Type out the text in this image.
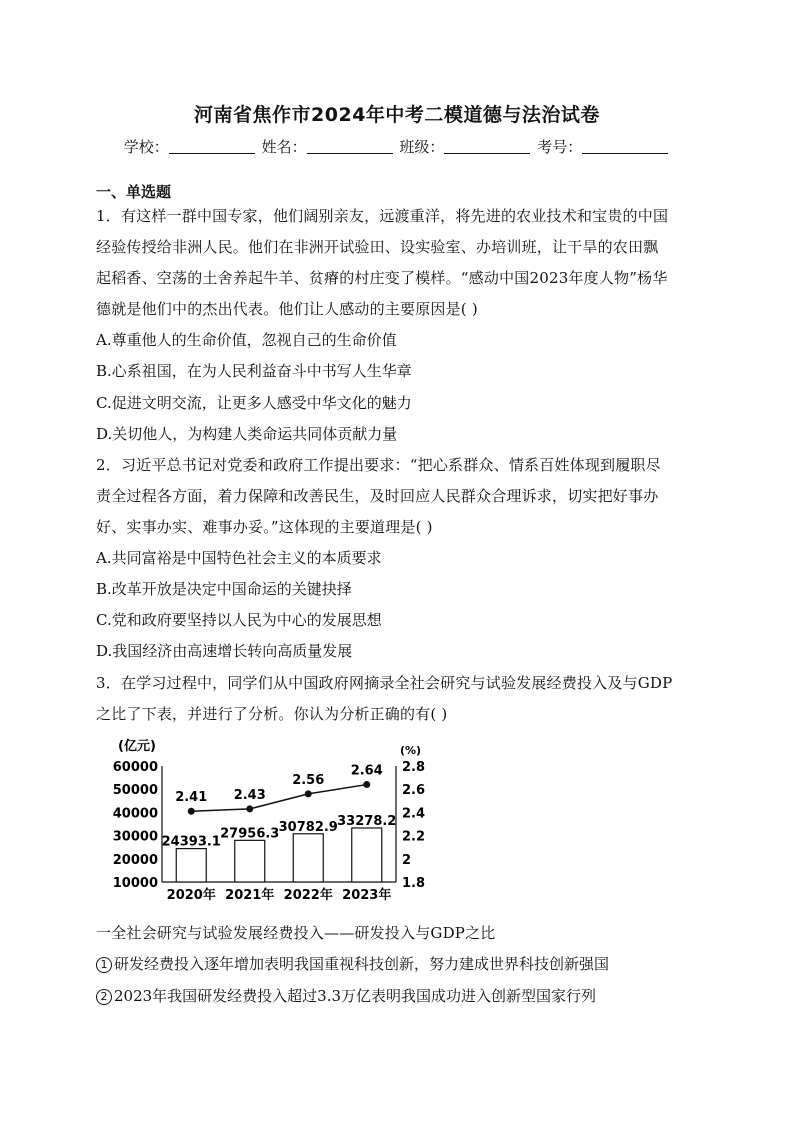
河南省焦作市2024年中考二模道德与法治试卷
学校：	姓名：	班级：	考号：
一、单选题
1．有这样一群中国专家，他们阔别亲友，远渡重洋，将先进的农业技术和宝贵的中国
经验传授给非洲人民。他们在非洲开试验田、设实验室、办培训班，让干旱的农田飘
起稻香、空荡的土舍养起牛羊、贫瘠的村庄变了模样。“感动中国2023年度人物”杨华
德就是他们中的杰出代表。他们让人感动的主要原因是( )
A.尊重他人的生命价值，忽视自己的生命价值
B.心系祖国，在为人民利益奋斗中书写人生华章
C.促进文明交流，让更多人感受中华文化的魅力
D.关切他人，为构建人类命运共同体贡献力量
2．习近平总书记对党委和政府工作提出要求：“把心系群众、情系百姓体现到履职尽
责全过程各方面，着力保障和改善民生，及时回应人民群众合理诉求，切实把好事办
好、实事办实、难事办妥。”这体现的主要道理是( )
A.共同富裕是中国特色社会主义的本质要求
B.改革开放是决定中国命运的关键抉择
C.党和政府要坚持以人民为中心的发展思想
D.我国经济由高速增长转向高质量发展
3．在学习过程中，同学们从中国政府网摘录全社会研究与试验发展经费投入及与GDP
之比了下表，并进行了分析。你认为分析正确的有( )
(亿元)	(%)
60000
50000
40000
30000
20000
10000
2.8
2.6
2.4
2.2
2
1.8
2020年 2021年 2022年 2023年
24393.1
27956.3 30782.9 33278.2
2.41 2.43
2.56
2.64
一全社会研究与试验发展经费投入——研发投入与GDP之比
1 研发经费投入逐年增加表明我国重视科技创新，努力建成世界科技创新强国
2 2023年我国研发经费投入超过3.3万亿表明我国成功进入创新型国家行列
